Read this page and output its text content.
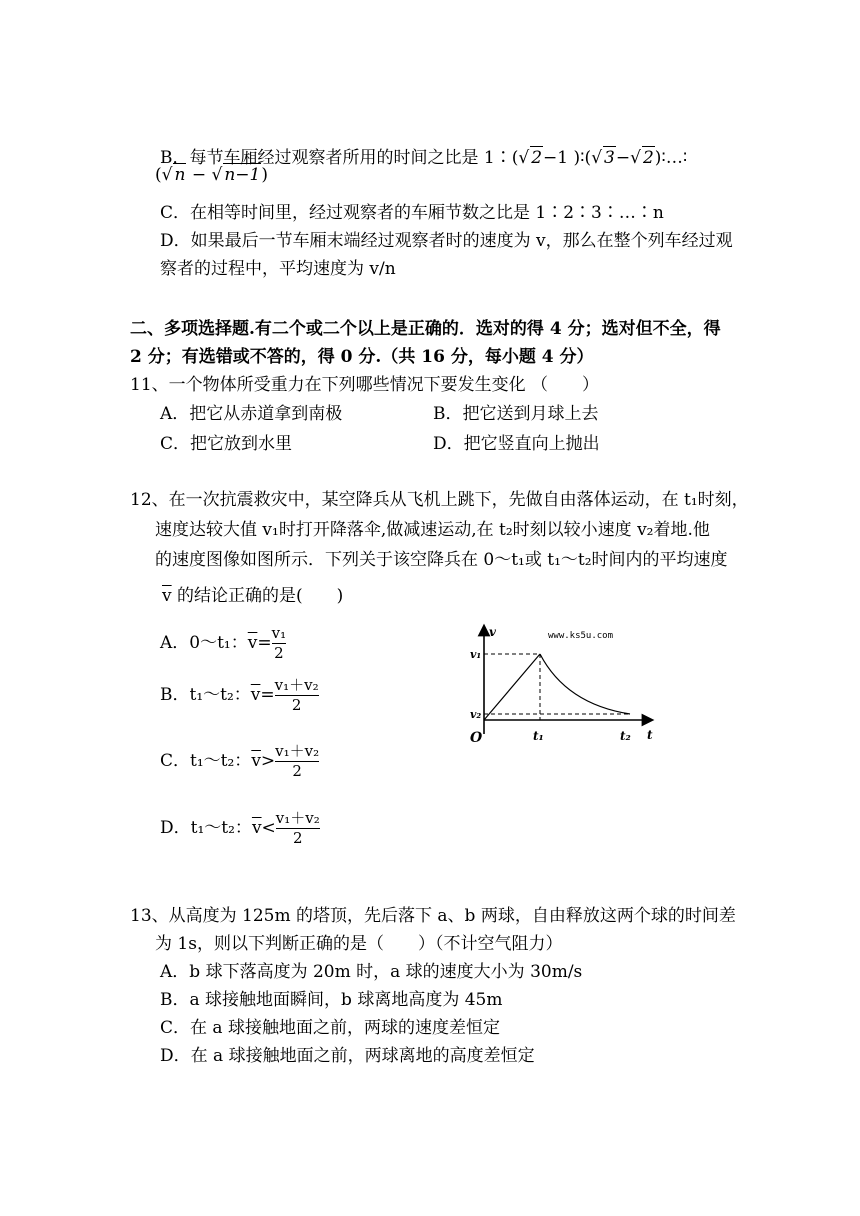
B．每节车厢经过观察者所用的时间之比是 1∶(√ 2−1 )∶(√ 3−√ 2)∶…∶
(√ n − √ n−1)
C．在相等时间里，经过观察者的车厢节数之比是 1∶2∶3∶…∶n
D．如果最后一节车厢末端经过观察者时的速度为 v，那么在整个列车经过观
察者的过程中，平均速度为 v/n
二、多项选择题.有二个或二个以上是正确的．选对的得 4 分；选对但不全，得
2 分；有选错或不答的，得 0 分.（共 16 分，每小题 4 分）
11、一个物体所受重力在下列哪些情况下要发生变化 （　　）
A．把它从赤道拿到南极	B．把它送到月球上去
C．把它放到水里	D．把它竖直向上抛出
12、在一次抗震救灾中，某空降兵从飞机上跳下，先做自由落体运动，在 t₁时刻，
速度达较大值 v₁时打开降落伞,做减速运动,在 t₂时刻以较小速度 v₂着地.他
的速度图像如图所示．下列关于该空降兵在 0～t₁或 t₁～t₂时间内的平均速度
$\overline{v}$ 的结论正确的是(　　)
A．0～t₁：$\overline{v}= \frac{\text{v₁}}{2}$
B．t₁～t₂：$\overline{v}= \frac{\text{v₁＋v₂}}{2}$
C．t₁～t₂：$\overline{v}> \frac{\text{v₁＋v₂}}{2}$
D．t₁～t₂：$\overline{v}< \frac{\text{v₁＋v₂}}{2}$
www.ks5u.com
v
t
O
v₁
v₂
t₁	t₂
13、从高度为 125m 的塔顶，先后落下 a、b 两球，自由释放这两个球的时间差
为 1s，则以下判断正确的是（　　）（不计空气阻力）
A．b 球下落高度为 20m 时，a 球的速度大小为 30m/s
B．a 球接触地面瞬间，b 球离地高度为 45m
C．在 a 球接触地面之前，两球的速度差恒定
D．在 a 球接触地面之前，两球离地的高度差恒定
